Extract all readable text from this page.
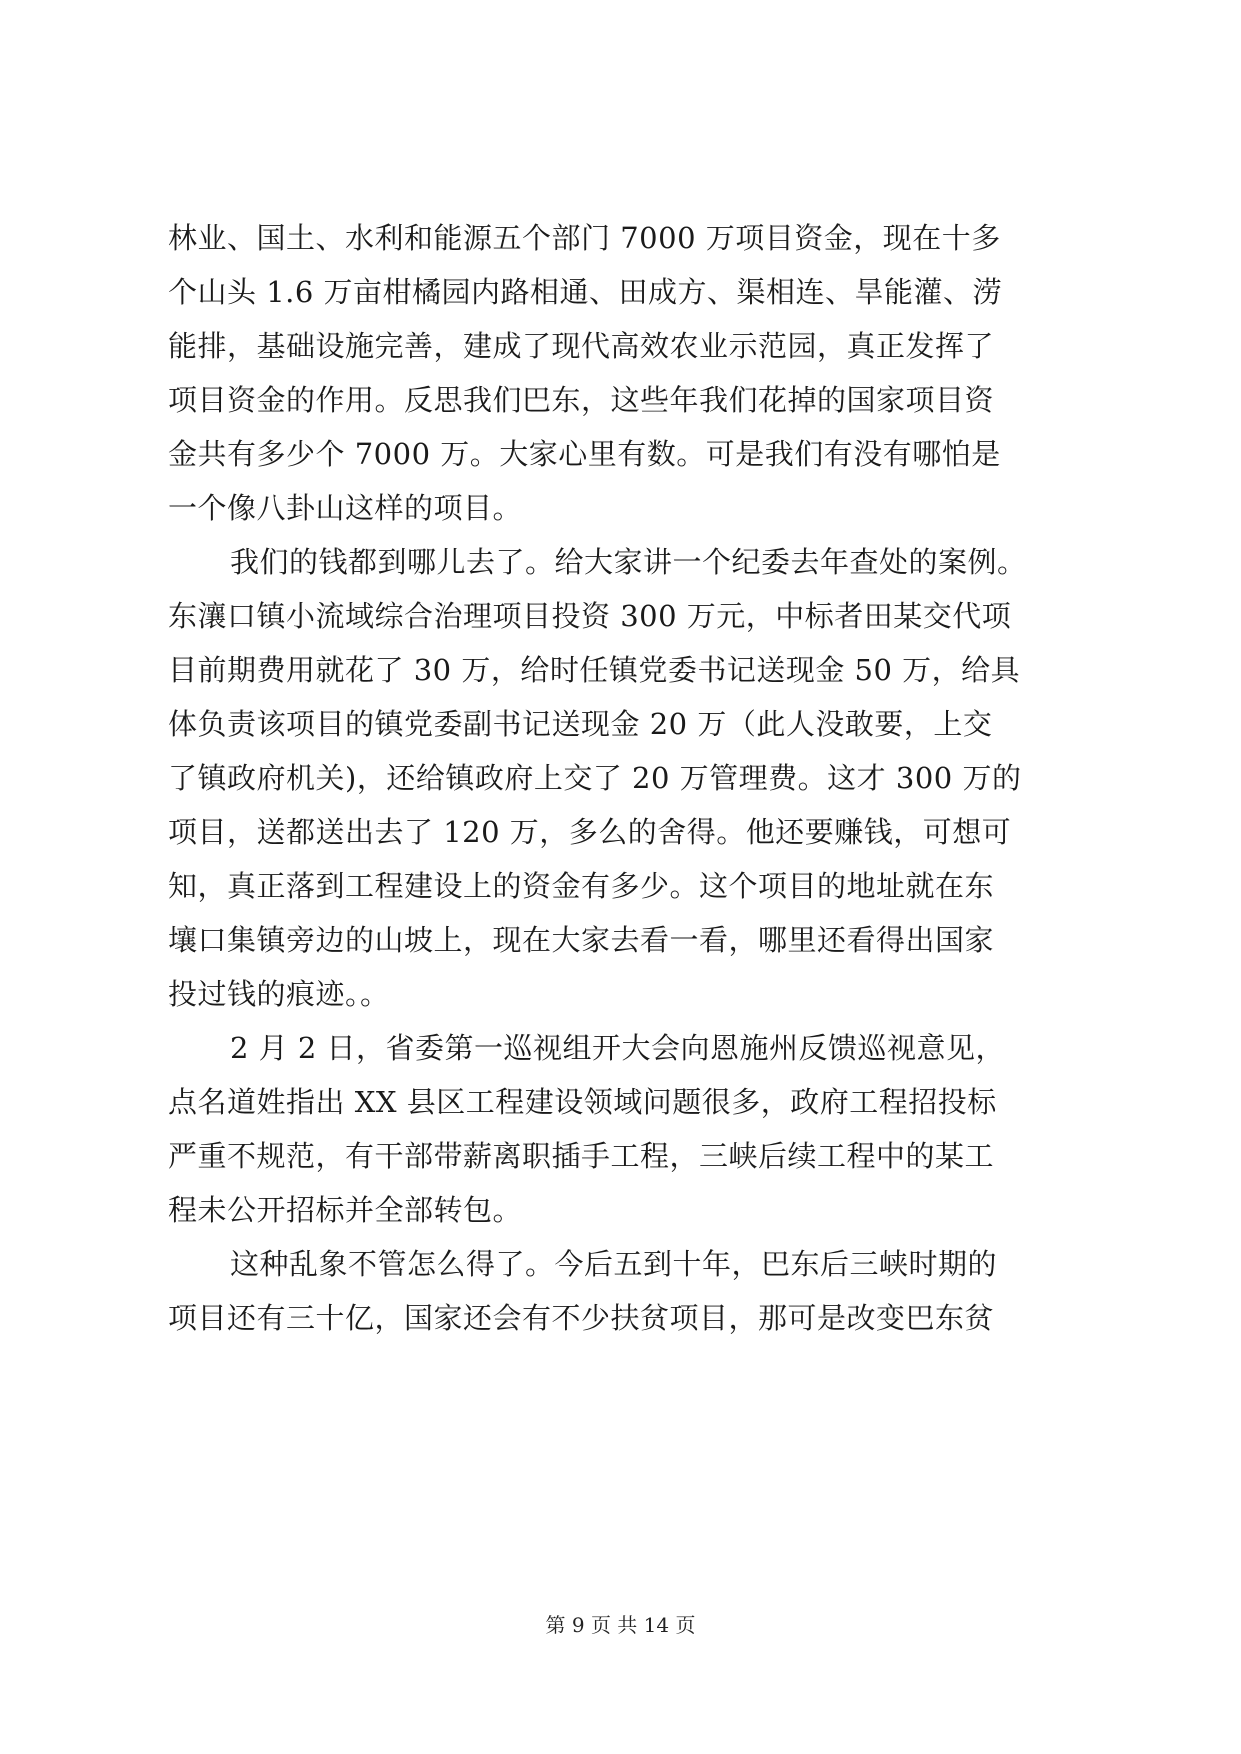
林业、国土、水利和能源五个部门 7000 万项目资金，现在十多
个山头 1.6 万亩柑橘园内路相通、田成方、渠相连、旱能灌、涝
能排，基础设施完善，建成了现代高效农业示范园，真正发挥了
项目资金的作用。反思我们巴东，这些年我们花掉的国家项目资
金共有多少个 7000 万。大家心里有数。可是我们有没有哪怕是
一个像八卦山这样的项目。
我们的钱都到哪儿去了。给大家讲一个纪委去年查处的案例。
东瀼口镇小流域综合治理项目投资 300 万元，中标者田某交代项
目前期费用就花了 30 万，给时任镇党委书记送现金 50 万，给具
体负责该项目的镇党委副书记送现金 20 万（此人没敢要，上交
了镇政府机关)，还给镇政府上交了 20 万管理费。这才 300 万的
项目，送都送出去了 120 万，多么的舍得。他还要赚钱，可想可
知，真正落到工程建设上的资金有多少。这个项目的地址就在东
壤口集镇旁边的山坡上，现在大家去看一看，哪里还看得出国家
投过钱的痕迹。。
2 月 2 日，省委第一巡视组开大会向恩施州反馈巡视意见，
点名道姓指出 XX 县区工程建设领域问题很多，政府工程招投标
严重不规范，有干部带薪离职插手工程，三峡后续工程中的某工
程未公开招标并全部转包。
这种乱象不管怎么得了。今后五到十年，巴东后三峡时期的
项目还有三十亿，国家还会有不少扶贫项目，那可是改变巴东贫
第 9 页 共 14 页
